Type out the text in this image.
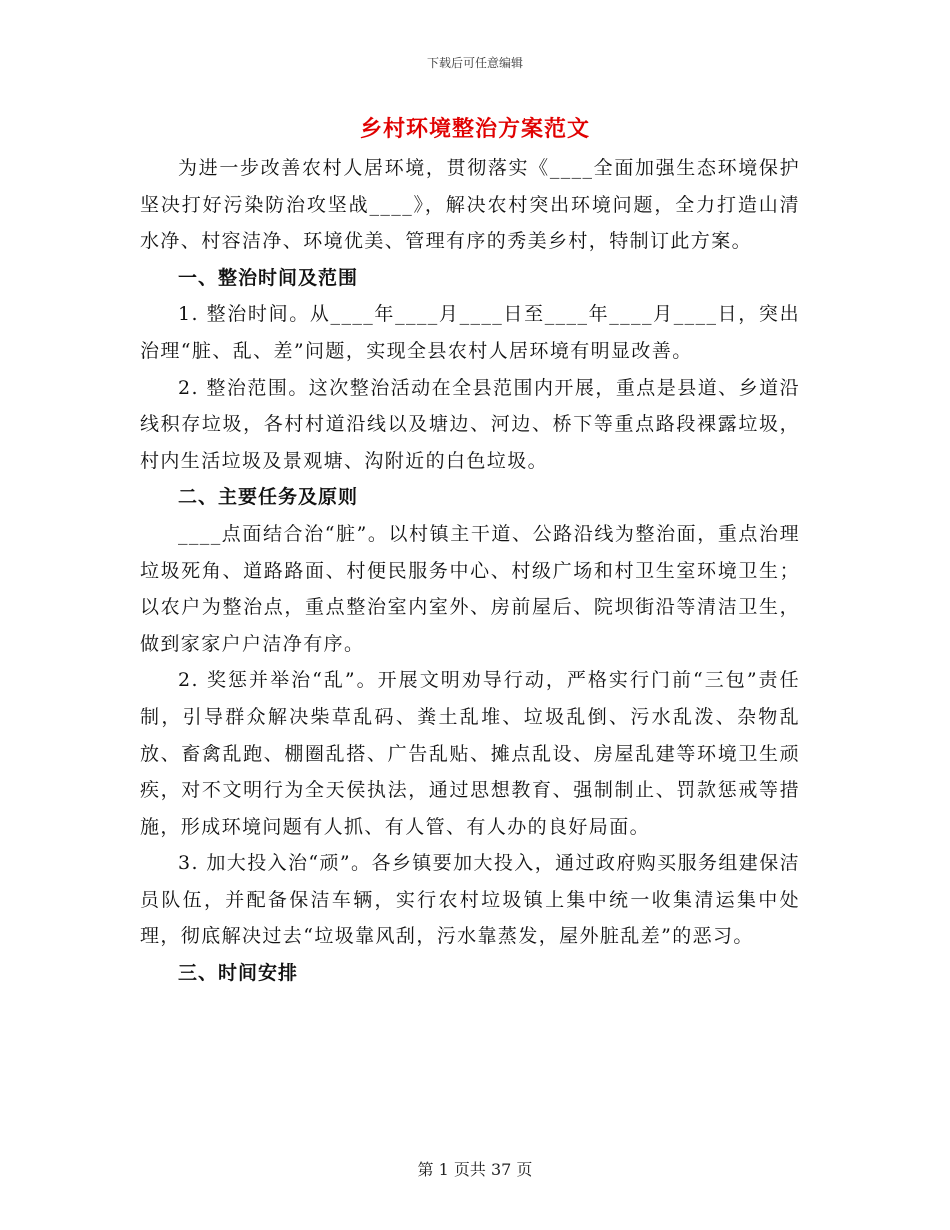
下载后可任意编辑
乡村环境整治方案范文

为进一步改善农村人居环境，贯彻落实《____全面加强生态环境保护坚决打好污染防治攻坚战____》，解决农村突出环境问题，全力打造山清水净、村容洁净、环境优美、管理有序的秀美乡村，特制订此方案。

一、整治时间及范围

1. 整治时间。从____年____月____日至____年____月____日，突出治理“脏、乱、差”问题，实现全县农村人居环境有明显改善。

2. 整治范围。这次整治活动在全县范围内开展，重点是县道、乡道沿线积存垃圾，各村村道沿线以及塘边、河边、桥下等重点路段裸露垃圾，村内生活垃圾及景观塘、沟附近的白色垃圾。

二、主要任务及原则

____点面结合治“脏”。以村镇主干道、公路沿线为整治面，重点治理垃圾死角、道路路面、村便民服务中心、村级广场和村卫生室环境卫生；以农户为整治点，重点整治室内室外、房前屋后、院坝街沿等清洁卫生，做到家家户户洁净有序。

2. 奖惩并举治“乱”。开展文明劝导行动，严格实行门前“三包”责任制，引导群众解决柴草乱码、粪土乱堆、垃圾乱倒、污水乱泼、杂物乱放、畜禽乱跑、棚圈乱搭、广告乱贴、摊点乱设、房屋乱建等环境卫生顽疾，对不文明行为全天侯执法，通过思想教育、强制制止、罚款惩戒等措施，形成环境问题有人抓、有人管、有人办的良好局面。

3. 加大投入治“顽”。各乡镇要加大投入，通过政府购买服务组建保洁员队伍，并配备保洁车辆，实行农村垃圾镇上集中统一收集清运集中处理，彻底解决过去“垃圾靠风刮，污水靠蒸发，屋外脏乱差”的恶习。

三、时间安排

第 1 页共 37 页
